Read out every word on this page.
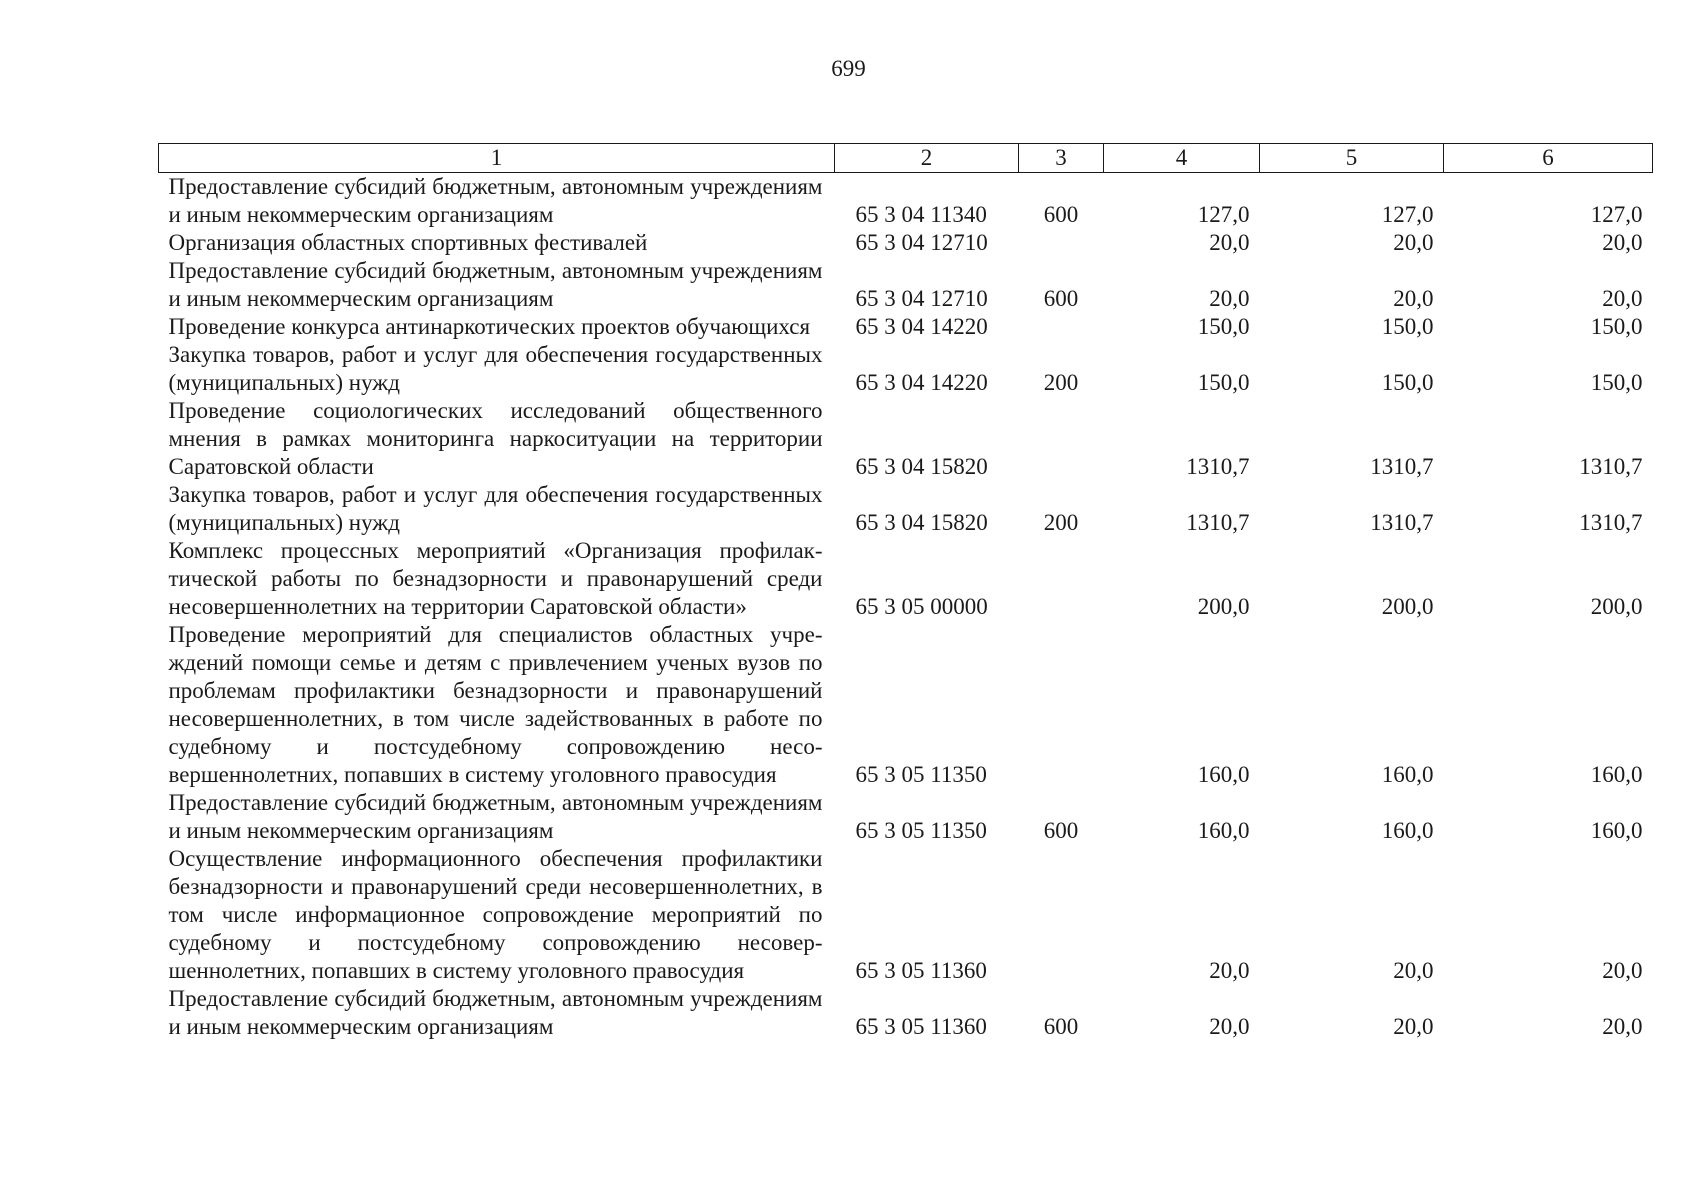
699
1	2	3	4	5	6
Предоставление субсидий бюджетным, автономным учреждениям и иным некоммерческим организациям	65 3 04 11340	600	127,0	127,0	127,0
Организация областных спортивных фестивалей	65 3 04 12710		20,0	20,0	20,0
Предоставление субсидий бюджетным, автономным учреждениям и иным некоммерческим организациям	65 3 04 12710	600	20,0	20,0	20,0
Проведение конкурса антинаркотических проектов обучающихся	65 3 04 14220		150,0	150,0	150,0
Закупка товаров, работ и услуг для обеспечения государственных (муниципальных) нужд	65 3 04 14220	200	150,0	150,0	150,0
Проведение социологических исследований общественного мнения в рамках мониторинга наркоситуации на территории Саратовской области	65 3 04 15820		1310,7	1310,7	1310,7
Закупка товаров, работ и услуг для обеспечения государственных (муниципальных) нужд	65 3 04 15820	200	1310,7	1310,7	1310,7
Комплекс процессных мероприятий «Организация профилактической работы по безнадзорности и правонарушений среди несовершеннолетних на территории Саратовской области»	65 3 05 00000		200,0	200,0	200,0
Проведение мероприятий для специалистов областных учреждений помощи семье и детям с привлечением ученых вузов по проблемам профилактики безнадзорности и правонарушений несовершеннолетних, в том числе задействованных в работе по судебному и постсудебному сопровождению несовершеннолетних, попавших в систему уголовного правосудия	65 3 05 11350		160,0	160,0	160,0
Предоставление субсидий бюджетным, автономным учреждениям и иным некоммерческим организациям	65 3 05 11350	600	160,0	160,0	160,0
Осуществление информационного обеспечения профилактики безнадзорности и правонарушений среди несовершеннолетних, в том числе информационное сопровождение мероприятий по судебному и постсудебному сопровождению несовершеннолетних, попавших в систему уголовного правосудия	65 3 05 11360		20,0	20,0	20,0
Предоставление субсидий бюджетным, автономным учреждениям и иным некоммерческим организациям	65 3 05 11360	600	20,0	20,0	20,0
